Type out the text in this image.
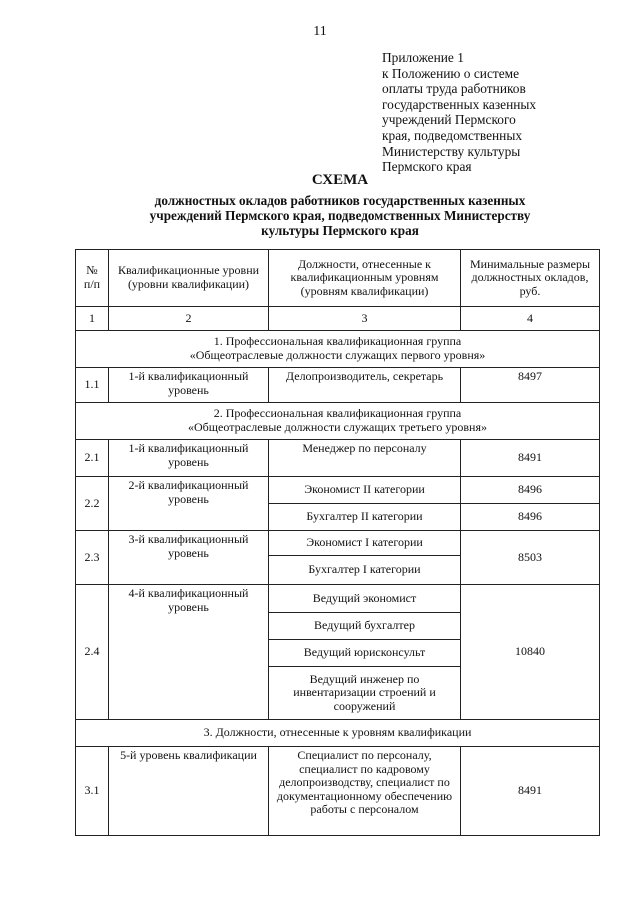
11
Приложение 1
к Положению о системе
оплаты труда работников
государственных казенных
учреждений Пермского
края, подведомственных
Министерству культуры
Пермского края
СХЕМА
должностных окладов работников государственных казенных
учреждений Пермского края, подведомственных Министерству
культуры Пермского края
№ п/п	Квалификационные уровни (уровни квалификации)	Должности, отнесенные к квалификационным уровням (уровням квалификации)	Минимальные размеры должностных окладов, руб.
1	2	3	4

1. Профессиональная квалификационная группа
«Общеотраслевые должности служащих первого уровня»			

1.1	1-й квалификационный уровень	Делопроизводитель, секретарь	8497

2. Профессиональная квалификационная группа
«Общеотраслевые должности служащих третьего уровня»			

2.1	1-й квалификационный уровень	Менеджер по персоналу	8491
2.2	2-й квалификационный уровень	Экономист II категории	8496
		Бухгалтер II категории	8496
2.3	3-й квалификационный уровень	Экономист I категории	8503
		Бухгалтер I категории	
2.4	4-й квалификационный уровень	Ведущий экономист	10840
		Ведущий бухгалтер	
		Ведущий юрисконсульт	
		Ведущий инженер по инвентаризации строений и сооружений	
3. Должности, отнесенные к уровням квалификации			
3.1	5-й уровень квалификации	Специалист по персоналу, специалист по кадровому делопроизводству, специалист по документационному обеспечению работы с персоналом	8491
